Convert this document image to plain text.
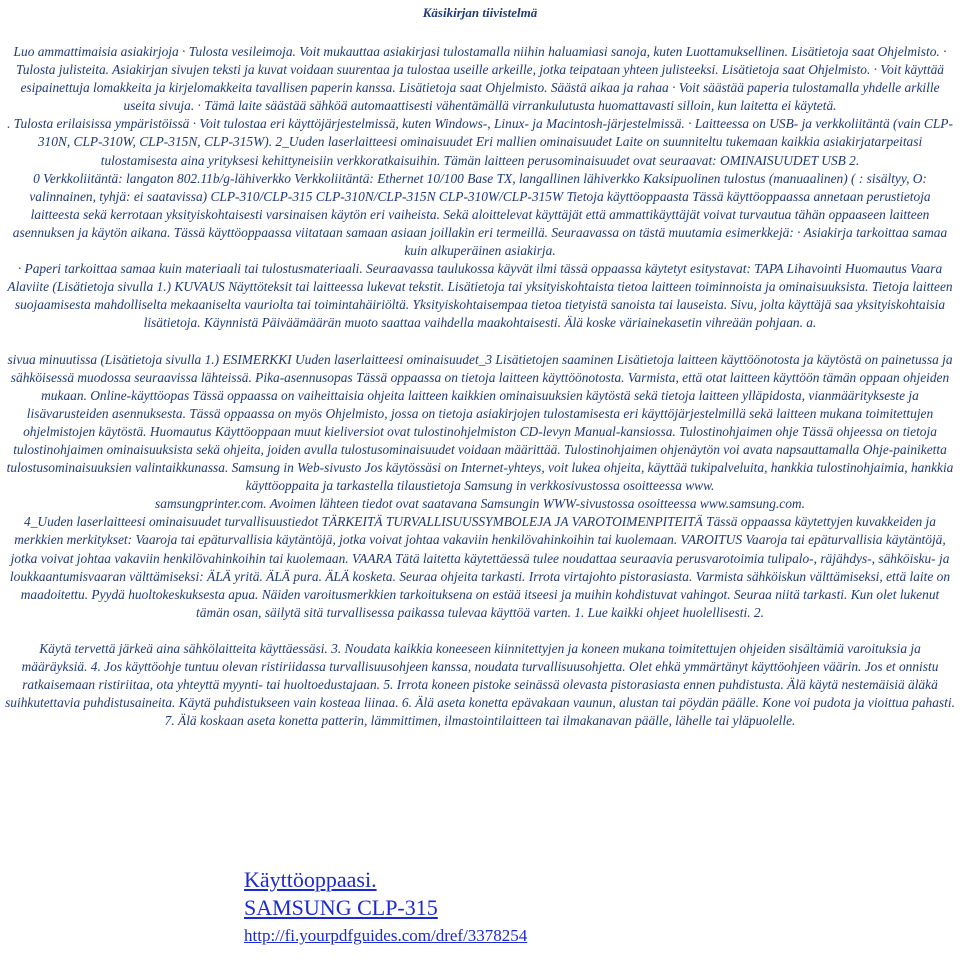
Käsikirjan tiivistelmä

Luo ammattimaisia asiakirjoja · Tulosta vesileimoja. Voit mukauttaa asiakirjasi tulostamalla niihin haluamiasi sanoja, kuten Luottamuksellinen. Lisätietoja saat Ohjelmisto. · Tulosta julisteita. Asiakirjan sivujen teksti ja kuvat voidaan suurentaa ja tulostaa useille arkeille, jotka teipataan yhteen julisteeksi. Lisätietoja saat Ohjelmisto. · Voit käyttää esipainettuja lomakkeita ja kirjelomakkeita tavallisen paperin kanssa. Lisätietoja saat Ohjelmisto. Säästä aikaa ja rahaa · Voit säästää paperia tulostamalla yhdelle arkille useita sivuja. · Tämä laite säästää sähköä automaattisesti vähentämällä virrankulutusta huomattavasti silloin, kun laitetta ei käytetä.

. Tulosta erilaisissa ympäristöissä · Voit tulostaa eri käyttöjärjestelmissä, kuten Windows-, Linux- ja Macintosh-järjestelmissä. · Laitteessa on USB- ja verkkoliitäntä (vain CLP-310N, CLP-310W, CLP-315N, CLP-315W). 2_Uuden laserlaitteesi ominaisuudet Eri mallien ominaisuudet Laite on suunniteltu tukemaan kaikkia asiakirjatarpeitasi tulostamisesta aina yrityksesi kehittyneisiin verkkoratkaisuihin. Tämän laitteen perusominaisuudet ovat seuraavat: OMINAISUUDET USB 2.

0 Verkkoliitäntä: langaton 802.11b/g-lähiverkko Verkkoliitäntä: Ethernet 10/100 Base TX, langallinen lähiverkko Kaksipuolinen tulostus (manuaalinen) ( : sisältyy, O: valinnainen, tyhjä: ei saatavissa) CLP-310/CLP-315 CLP-310N/CLP-315N CLP-310W/CLP-315W Tietoja käyttöoppaasta Tässä käyttöoppaassa annetaan perustietoja laitteesta sekä kerrotaan yksityiskohtaisesti varsinaisen käytön eri vaiheista. Sekä aloittelevat käyttäjät että ammattikäyttäjät voivat turvautua tähän oppaaseen laitteen asennuksen ja käytön aikana. Tässä käyttöoppaassa viitataan samaan asiaan joillakin eri termeillä. Seuraavassa on tästä muutamia esimerkkejä: · Asiakirja tarkoittaa samaa kuin alkuperäinen asiakirja.

· Paperi tarkoittaa samaa kuin materiaali tai tulostusmateriaali. Seuraavassa taulukossa käyvät ilmi tässä oppaassa käytetyt esitystavat: TAPA Lihavointi Huomautus Vaara Alaviite (Lisätietoja sivulla 1.) KUVAUS Näyttöteksit tai laitteessa lukevat tekstit. Lisätietoja tai yksityiskohtaista tietoa laitteen toiminnoista ja ominaisuuksista. Tietoja laitteen suojaamisesta mahdolliselta mekaaniselta vauriolta tai toimintahäiriöltä. Yksityiskohtaisempaa tietoa tietyistä sanoista tai lauseista. Sivu, jolta käyttäjä saa yksityiskohtaisia lisätietoja. Käynnistä Päiväämäärän muoto saattaa vaihdella maakohtaisesti. Älä koske väriainekasetin vihreään pohjaan. a.

sivua minuutissa (Lisätietoja sivulla 1.) ESIMERKKI Uuden laserlaitteesi ominaisuudet_3 Lisätietojen saaminen Lisätietoja laitteen käyttöönotosta ja käytöstä on painetussa ja sähköisessä muodossa seuraavissa lähteissä. Pika-asennusopas Tässä oppaassa on tietoja laitteen käyttöönotosta. Varmista, että otat laitteen käyttöön tämän oppaan ohjeiden mukaan. Online-käyttöopas Tässä oppaassa on vaiheittaisia ohjeita laitteen kaikkien ominaisuuksien käytöstä sekä tietoja laitteen ylläpidosta, vianmääritykseste ja lisävarusteiden asennuksesta. Tässä oppaassa on myös Ohjelmisto, jossa on tietoja asiakirjojen tulostamisesta eri käyttöjärjestelmillä sekä laitteen mukana toimitettujen ohjelmistojen käytöstä. Huomautus Käyttöoppaan muut kieliversiot ovat tulostinohjelmiston CD-levyn Manual-kansiossa. Tulostinohjaimen ohje Tässä ohjeessa on tietoja tulostinohjaimen ominaisuuksista sekä ohjeita, joiden avulla tulostusominaisuudet voidaan määrittää. Tulostinohjaimen ohjenäytön voi avata napsauttamalla Ohje-painiketta tulostusominaisuuksien valintaikkunassa. Samsung in Web-sivusto Jos käytössäsi on Internet-yhteys, voit lukea ohjeita, käyttää tukipalveluita, hankkia tulostinohjaimia, hankkia käyttöoppaita ja tarkastella tilaustietoja Samsung in verkkosivustossa osoitteessa www.

samsungprinter.com. Avoimen lähteen tiedot ovat saatavana Samsungin WWW-sivustossa osoitteessa www.samsung.com.

4_Uuden laserlaitteesi ominaisuudet turvallisuustiedot TÄRKEITÄ TURVALLISUUSSYMBOLEJA JA VAROTOIMENPITEITÄ Tässä oppaassa käytettyjen kuvakkeiden ja merkkien merkitykset: Vaaroja tai epäturvallisia käytäntöjä, jotka voivat johtaa vakaviin henkilövahinkoihin tai kuolemaan. VAROITUS Vaaroja tai epäturvallisia käytäntöjä, jotka voivat johtaa vakaviin henkilövahinkoihin tai kuolemaan. VAARA Tätä laitetta käytettäessä tulee noudattaa seuraavia perusvarotoimia tulipalo-, räjähdys-, sähköisku- ja loukkaantumisvaaran välttämiseksi: ÄLÄ yritä. ÄLÄ pura. ÄLÄ kosketa. Seuraa ohjeita tarkasti. Irrota virtajohto pistorasiasta. Varmista sähköiskun välttämiseksi, että laite on maadoitettu. Pyydä huoltokeskuksesta apua. Näiden varoitusmerkkien tarkoituksena on estää itseesi ja muihin kohdistuvat vahingot. Seuraa niitä tarkasti. Kun olet lukenut tämän osan, säilytä sitä turvallisessa paikassa tulevaa käyttöä varten. 1. Lue kaikki ohjeet huolellisesti. 2.

Käytä tervettä järkeä aina sähkölaitteita käyttäessäsi. 3. Noudata kaikkia koneeseen kiinnitettyjen ja koneen mukana toimitettujen ohjeiden sisältämiä varoituksia ja määräyksiä. 4. Jos käyttöohje tuntuu olevan ristiriidassa turvallisuusohjeen kanssa, noudata turvallisuusohjetta. Olet ehkä ymmärtänyt käyttöohjeen väärin. Jos et onnistu ratkaisemaan ristiriitaa, ota yhteyttä myynti- tai huoltoedustajaan. 5. Irrota koneen pistoke seinässä olevasta pistorasiasta ennen puhdistusta. Älä käytä nestemäisiä äläkä suihkutettavia puhdistusaineita. Käytä puhdistukseen vain kosteaa liinaa. 6. Älä aseta konetta epävakaan vaunun, alustan tai pöydän päälle. Kone voi pudota ja vioittua pahasti. 7. Älä koskaan aseta konetta patterin, lämmittimen, ilmastointilaitteen tai ilmakanavan päälle, lähelle tai yläpuolelle.

Käyttöoppaasi.
SAMSUNG CLP-315
http://fi.yourpdfguides.com/dref/3378254
